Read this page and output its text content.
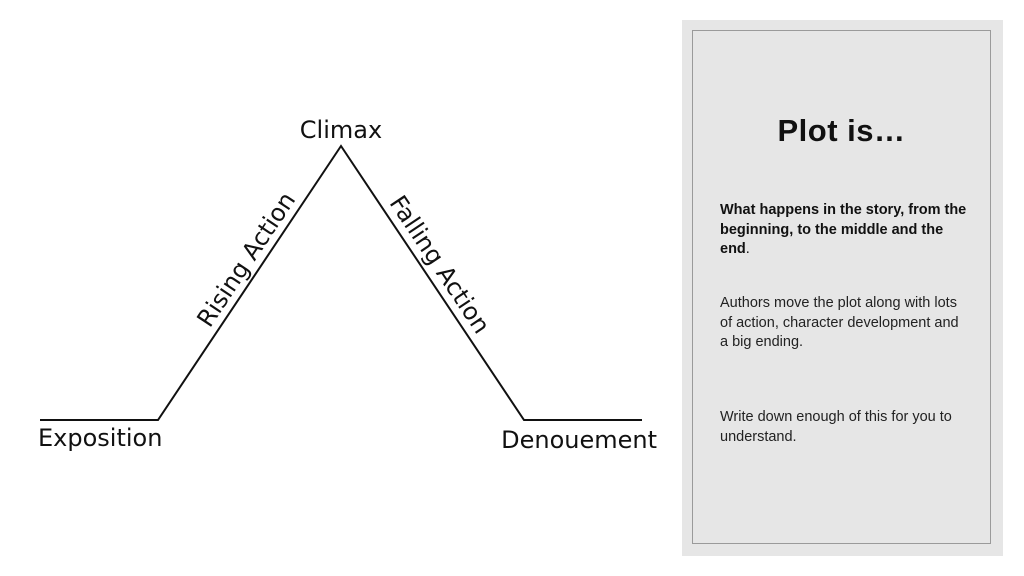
Climax
Rising Action	Falling Action
Exposition	Denouement
Plot is…
What happens in the story, from the beginning, to the middle and the end.
Authors move the plot along with lots of action, character development and a big ending.
Write down enough of this for you to understand.
